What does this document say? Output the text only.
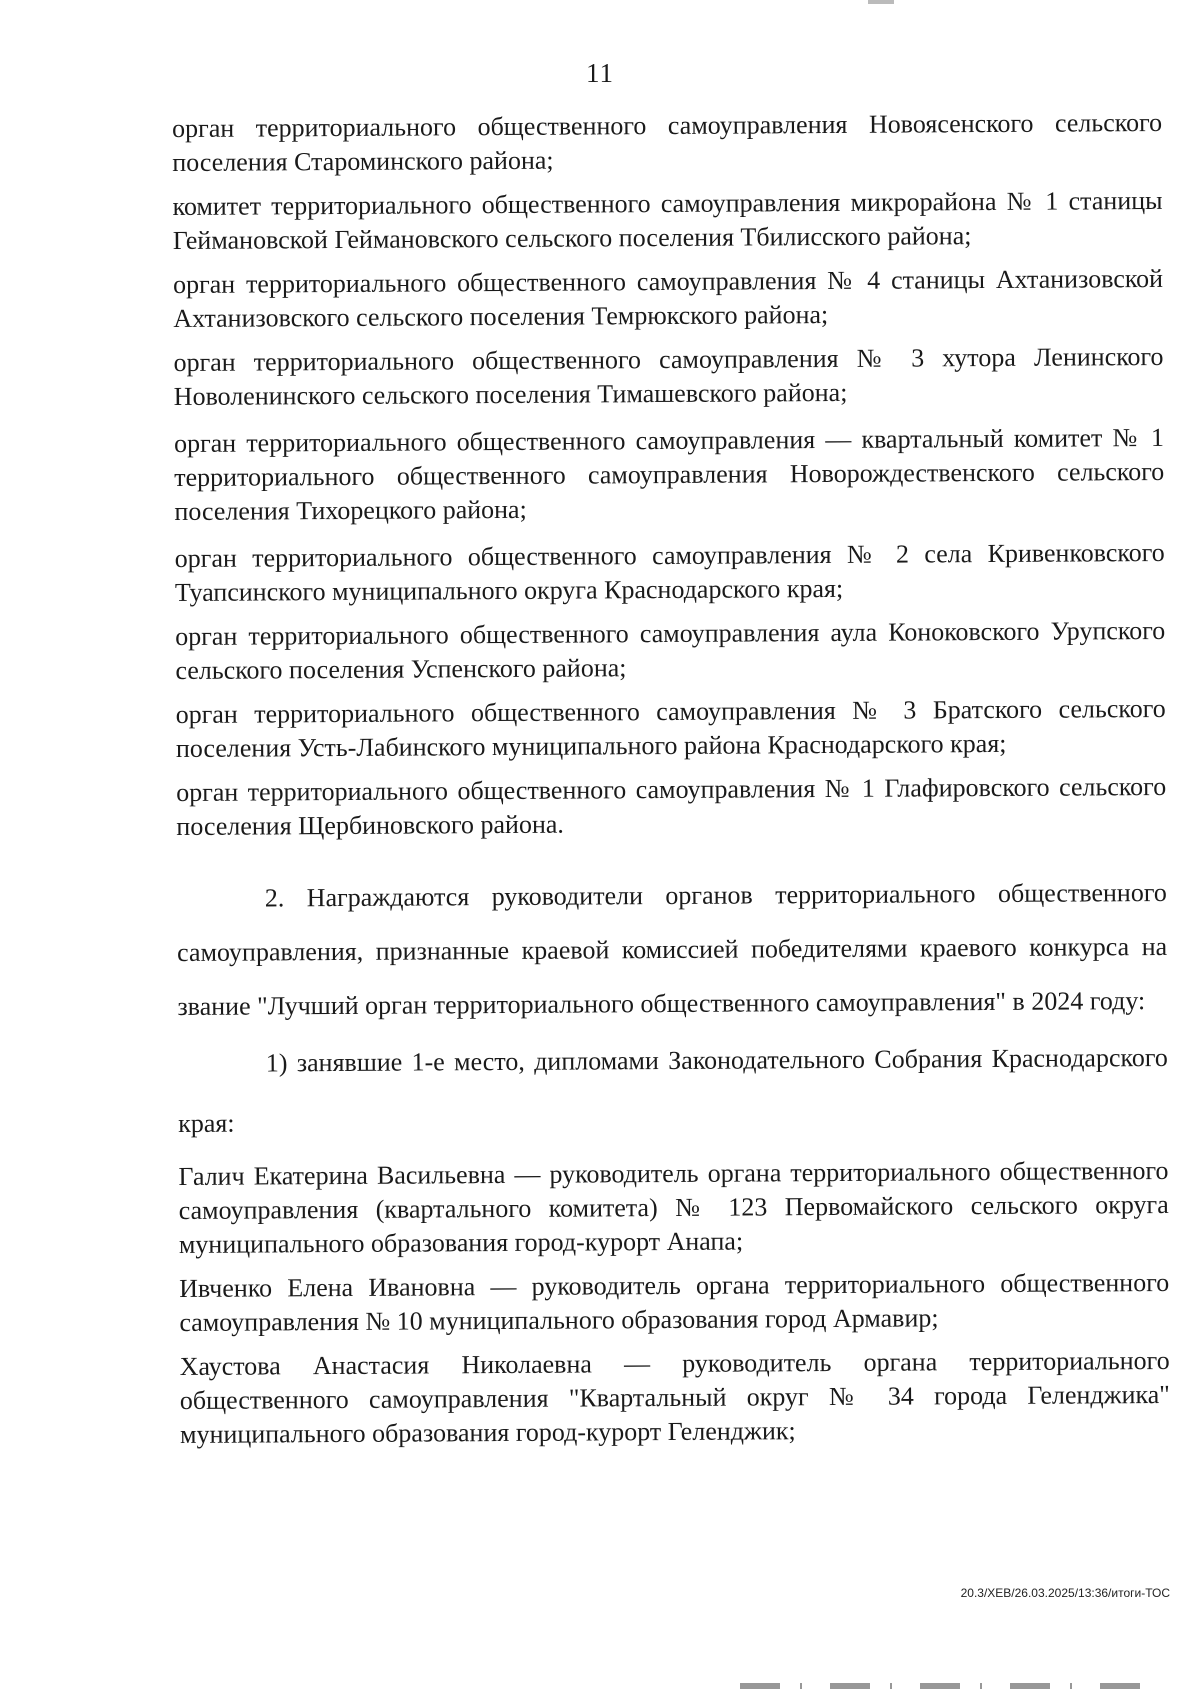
11

орган территориального общественного самоуправления Новоясенского сельского поселения Староминского района;

комитет территориального общественного самоуправления микрорайона № 1 станицы Геймановской Геймановского сельского поселения Тбилисского района;

орган территориального общественного самоуправления № 4 станицы Ахтанизовской Ахтанизовского сельского поселения Темрюкского района;

орган территориального общественного самоуправления № 3 хутора Ленинского Новоленинского сельского поселения Тимашевского района;

орган территориального общественного самоуправления — квартальный комитет № 1 территориального общественного самоуправления Новорождественского сельского поселения Тихорецкого района;

орган территориального общественного самоуправления № 2 села Кривенковского Туапсинского муниципального округа Краснодарского края;

орган территориального общественного самоуправления аула Коноковского Урупского сельского поселения Успенского района;

орган территориального общественного самоуправления № 3 Братского сельского поселения Усть-Лабинского муниципального района Краснодарского края;

орган территориального общественного самоуправления № 1 Глафировского сельского поселения Щербиновского района.

2. Награждаются руководители органов территориального общественного самоуправления, признанные краевой комиссией победителями краевого конкурса на звание "Лучший орган территориального общественного самоуправления" в 2024 году:

1) занявшие 1-е место, дипломами Законодательного Собрания Краснодарского края:

Галич Екатерина Васильевна — руководитель органа территориального общественного самоуправления (квартального комитета) № 123 Первомайского сельского округа муниципального образования город-курорт Анапа;

Ивченко Елена Ивановна — руководитель органа территориального общественного самоуправления № 10 муниципального образования город Армавир;

Хаустова Анастасия Николаевна — руководитель органа территориального общественного самоуправления "Квартальный округ № 34 города Геленджика" муниципального образования город-курорт Геленджик;

20.3/ХЕВ/26.03.2025/13:36/итоги-ТОС
